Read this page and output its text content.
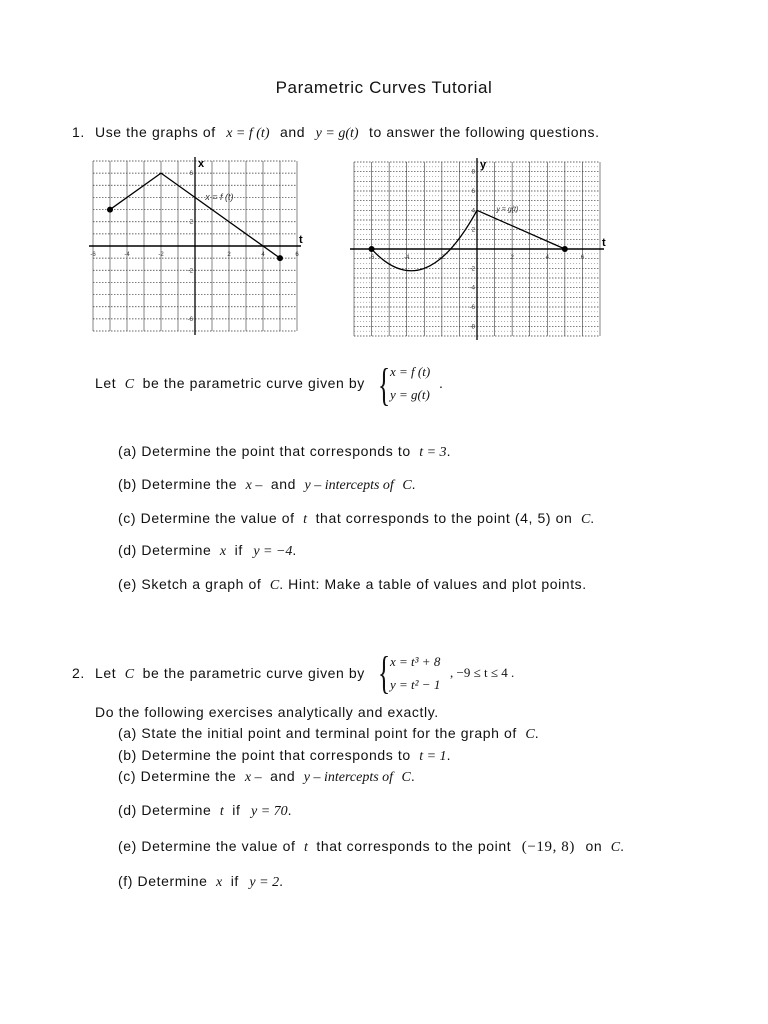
Parametric Curves Tutorial
1. Use the graphs of x = f (t) and y = g(t) to answer the following questions.
t
x
-6	-4	-2	2	4	6
6
2
-2
-6
x = f (t)
t
y
-6	-4	-2	2	4	6
8
6
4
2
-2
-4
-6
-8
y = g(t)
Let C be the parametric curve given by { x = f (t)
y = g(t)
.
(a) Determine the point that corresponds to t = 3.
(b) Determine the x – and y – intercepts of C.
(c) Determine the value of t that corresponds to the point (4, 5) on C.
(d) Determine x if y = −4.
(e) Sketch a graph of C. Hint: Make a table of values and plot points.
2. Let C be the parametric curve given by { x = t³ + 8
y = t² − 1
, −9 ≤ t ≤ 4 .
Do the following exercises analytically and exactly.
(a) State the initial point and terminal point for the graph of C.
(b) Determine the point that corresponds to t = 1.
(c) Determine the x – and y – intercepts of C.
(d) Determine t if y = 70.
(e) Determine the value of t that corresponds to the point (−19, 8) on C.
(f) Determine x if y = 2.
